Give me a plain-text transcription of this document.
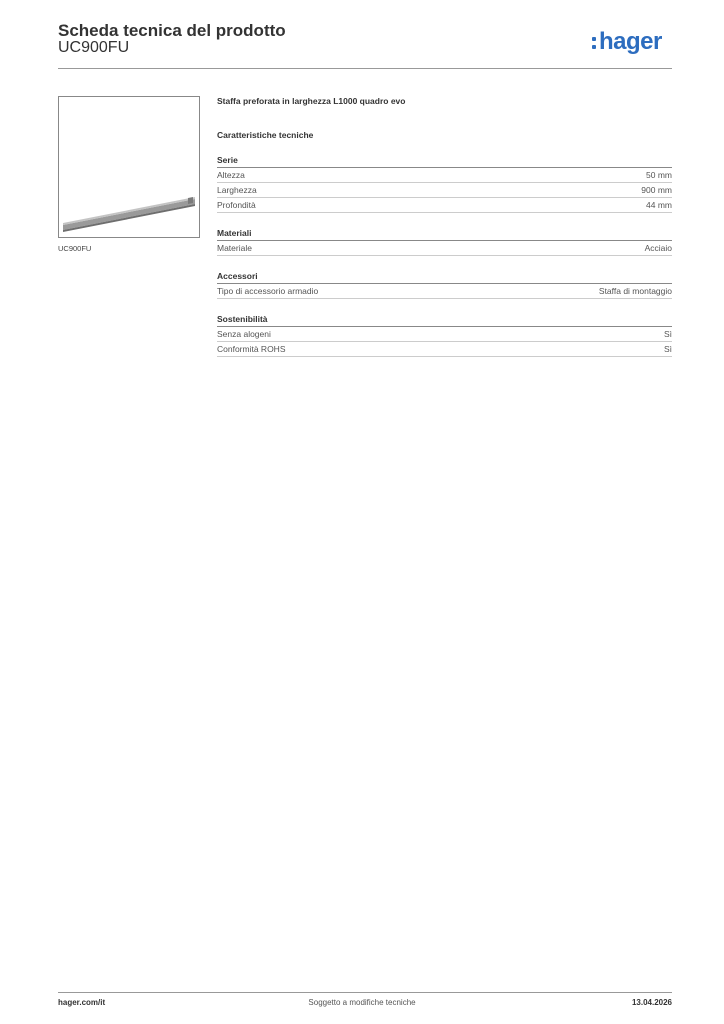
Scheda tecnica del prodotto
UC900FU	hager
UC900FU
Staffa preforata in larghezza L1000 quadro evo
Caratteristiche tecniche
Serie
Altezza	50 mm
Larghezza	900 mm
Profondità	44 mm
Materiali
Materiale	Acciaio
Accessori
Tipo di accessorio armadio	Staffa di montaggio
Sostenibilità
Senza alogeni	Sì
Conformità ROHS	Sì
hager.com/it	Soggetto a modifiche tecniche	13.04.2026
